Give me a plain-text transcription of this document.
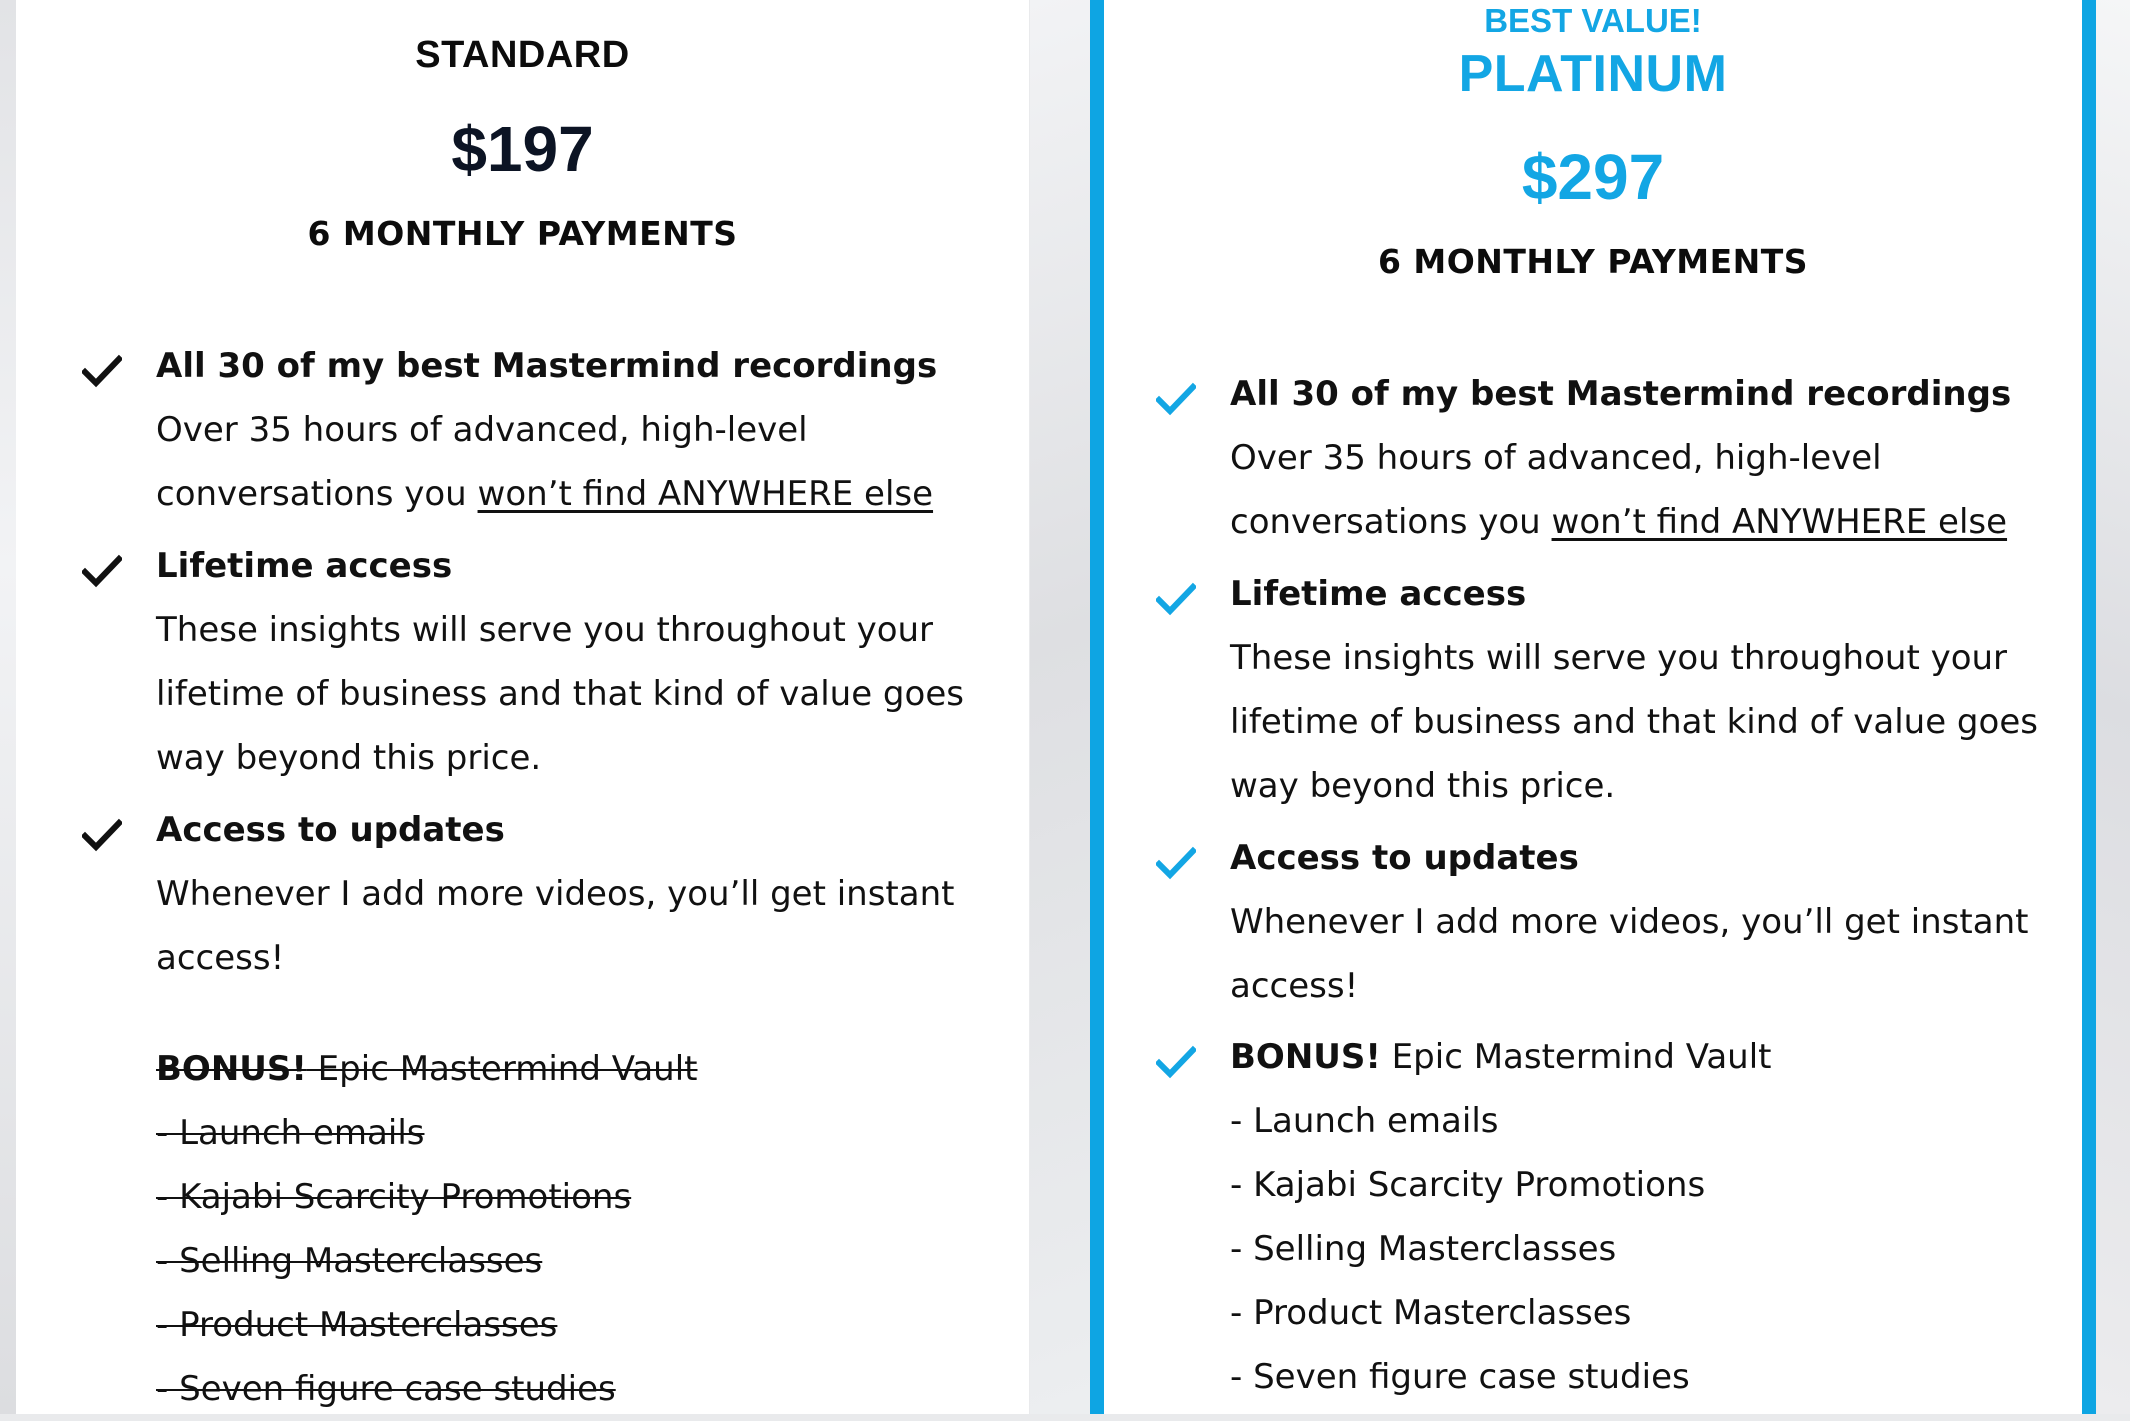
STANDARD
$197
6 MONTHLY PAYMENTS
All 30 of my best Mastermind recordings
Over 35 hours of advanced, high-level
conversations you won’t find ANYWHERE else
Lifetime access
These insights will serve you throughout your
lifetime of business and that kind of value goes
way beyond this price.
Access to updates
Whenever I add more videos, you’ll get instant
access!
BONUS! Epic Mastermind Vault
- Launch emails
- Kajabi Scarcity Promotions
- Selling Masterclasses
- Product Masterclasses
- Seven figure case studies
BEST VALUE!
PLATINUM
$297
6 MONTHLY PAYMENTS
All 30 of my best Mastermind recordings
Over 35 hours of advanced, high-level
conversations you won’t find ANYWHERE else
Lifetime access
These insights will serve you throughout your
lifetime of business and that kind of value goes
way beyond this price.
Access to updates
Whenever I add more videos, you’ll get instant
access!
BONUS! Epic Mastermind Vault
- Launch emails
- Kajabi Scarcity Promotions
- Selling Masterclasses
- Product Masterclasses
- Seven figure case studies
